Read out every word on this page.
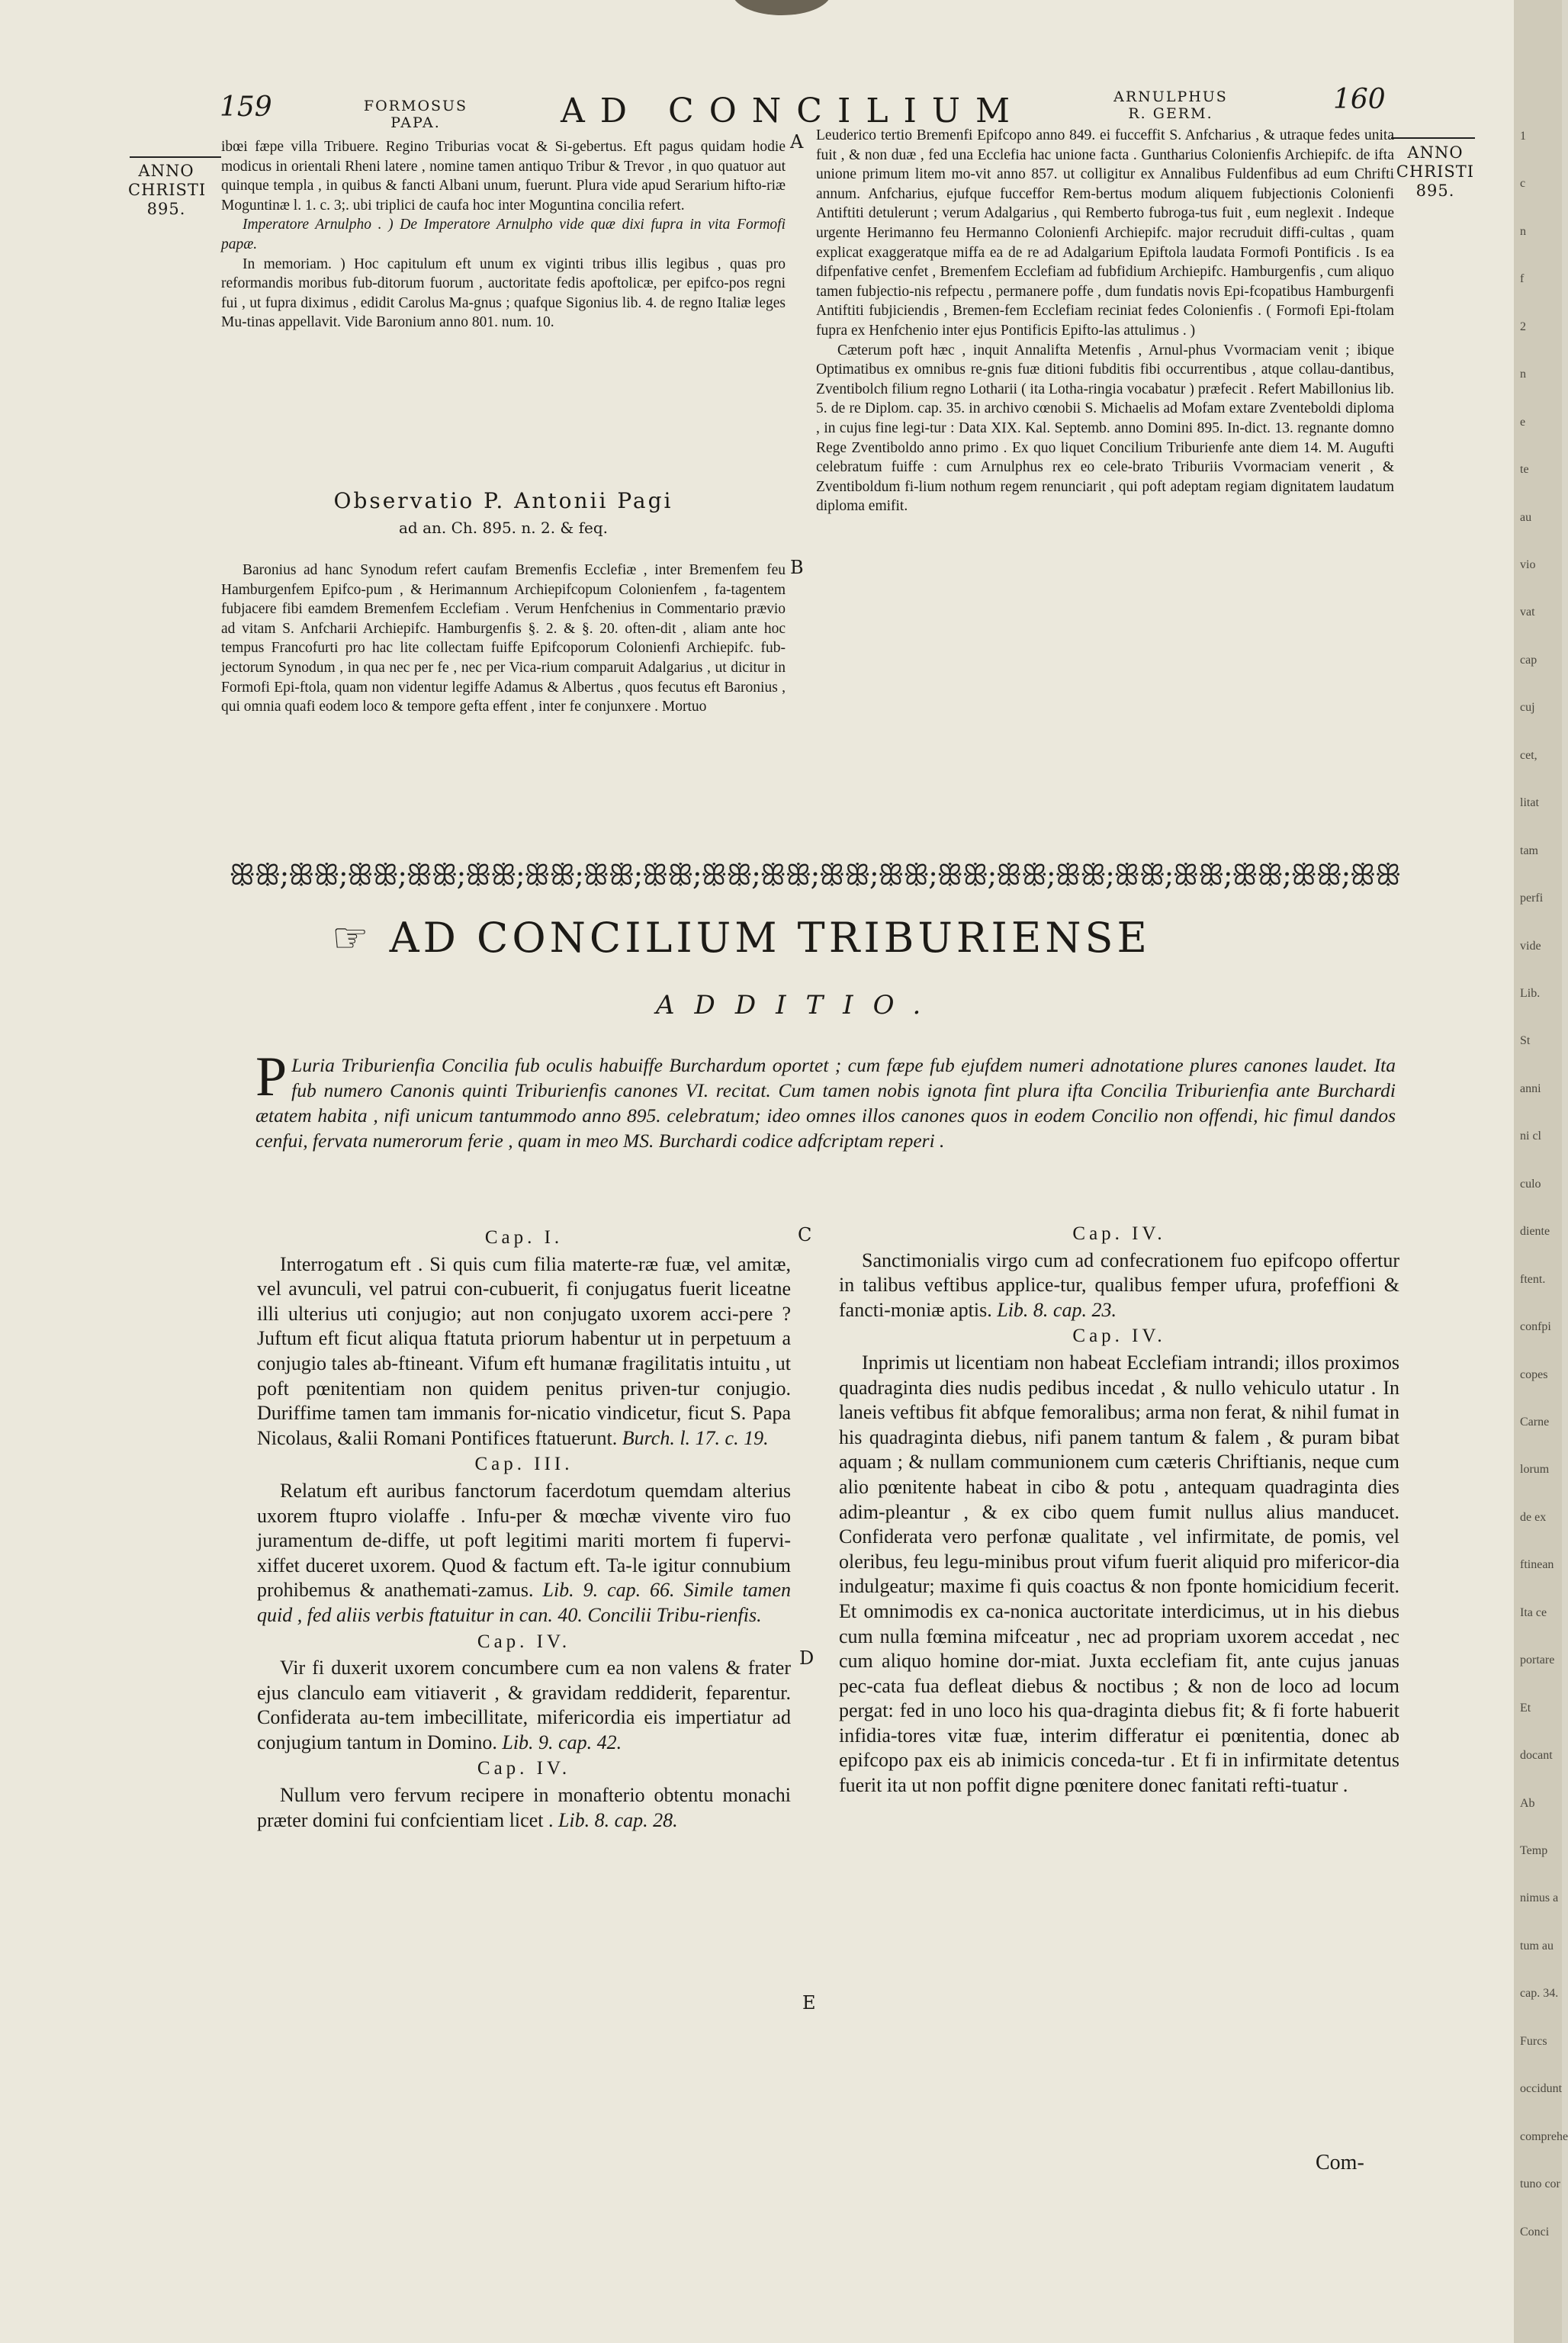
159	FORMOSUS
PAPA.	AD CONCILIUM	ARNULPHUS
R. GERM.	160
ANNO
CHRISTI
895.
ANNO
CHRISTI
895.
A
B
C
D
E

ibœi fæpe villa Tribuere. Regino Triburias vocat & Si-gebertus. Eft pagus quidam hodie modicus in orientali Rheni latere , nomine tamen antiquo Tribur & Trevor , in quo quatuor aut quinque templa , in quibus & fancti Albani unum, fuerunt. Plura vide apud Serarium hifto-riæ Moguntinæ l. 1. c. 3;. ubi triplici de caufa hoc inter Moguntina concilia refert.

Imperatore Arnulpho . ) De Imperatore Arnulpho vide quæ dixi fupra in vita Formofi papæ.

In memoriam. ) Hoc capitulum eft unum ex viginti tribus illis legibus , quas pro reformandis moribus fub-ditorum fuorum , auctoritate fedis apoftolicæ, per epifco-pos regni fui , ut fupra diximus , edidit Carolus Ma-gnus ; quafque Sigonius lib. 4. de regno Italiæ leges Mu-tinas appellavit. Vide Baronium anno 801. num. 10.

Observatio P. Antonii Pagi
ad an. Ch. 895. n. 2. & feq.

Baronius ad hanc Synodum refert caufam Bremenfis Ecclefiæ , inter Bremenfem feu Hamburgenfem Epifco-pum , & Herimannum Archiepifcopum Colonienfem , fa-tagentem fubjacere fibi eamdem Bremenfem Ecclefiam . Verum Henfchenius in Commentario prævio ad vitam S. Anfcharii Archiepifc. Hamburgenfis §. 2. & §. 20. often-dit , aliam ante hoc tempus Francofurti pro hac lite collectam fuiffe Epifcoporum Colonienfi Archiepifc. fub-jectorum Synodum , in qua nec per fe , nec per Vica-rium comparuit Adalgarius , ut dicitur in Formofi Epi-ftola, quam non videntur legiffe Adamus & Albertus , quos fecutus eft Baronius , qui omnia quafi eodem loco & tempore gefta effent , inter fe conjunxere . Mortuo

Leuderico tertio Bremenfi Epifcopo anno 849. ei fucceffit S. Anfcharius , & utraque fedes unita fuit , & non duæ , fed una Ecclefia hac unione facta . Guntharius Colonienfis Archiepifc. de ifta unione primum litem mo-vit anno 857. ut colligitur ex Annalibus Fuldenfibus ad eum Chrifti annum. Anfcharius, ejufque fucceffor Rem-bertus modum aliquem fubjectionis Colonienfi Antiftiti detulerunt ; verum Adalgarius , qui Remberto fubroga-tus fuit , eum neglexit . Indeque urgente Herimanno feu Hermanno Colonienfi Archiepifc. major recruduit diffi-cultas , quam explicat exaggeratque miffa ea de re ad Adalgarium Epiftola laudata Formofi Pontificis . Is ea difpenfative cenfet , Bremenfem Ecclefiam ad fubfidium Archiepifc. Hamburgenfis , cum aliquo tamen fubjectio-nis refpectu , permanere poffe , dum fundatis novis Epi-fcopatibus Hamburgenfi Antiftiti fubjiciendis , Bremen-fem Ecclefiam reciniat fedes Colonienfis . ( Formofi Epi-ftolam fupra ex Henfchenio inter ejus Pontificis Epifto-las attulimus . )

Cæterum poft hæc , inquit Annalifta Metenfis , Arnul-phus Vvormaciam venit ; ibique Optimatibus ex omnibus re-gnis fuæ ditioni fubditis fibi occurrentibus , atque collau-dantibus, Zventibolch filium regno Lotharii ( ita Lotha-ringia vocabatur ) præfecit . Refert Mabillonius lib. 5. de re Diplom. cap. 35. in archivo cœnobii S. Michaelis ad Mofam extare Zventeboldi diploma , in cujus fine legi-tur : Data XIX. Kal. Septemb. anno Domini 895. In-dict. 13. regnante domno Rege Zventiboldo anno primo . Ex quo liquet Concilium Triburienfe ante diem 14. M. Augufti celebratum fuiffe : cum Arnulphus rex eo cele-brato Triburiis Vvormaciam venerit , & Zventiboldum fi-lium nothum regem renunciarit , qui poft adeptam regiam dignitatem laudatum diploma emifit.

ꕥꕥ;ꕥꕥ;ꕥꕥ;ꕥꕥ;ꕥꕥ;ꕥꕥ;ꕥꕥ;ꕥꕥ;ꕥꕥ;ꕥꕥ;ꕥꕥ;ꕥꕥ;ꕥꕥ;ꕥꕥ;ꕥꕥ;ꕥꕥ;ꕥꕥ;ꕥꕥ;ꕥꕥ;ꕥꕥ
☞ AD CONCILIUM TRIBURIENSE
ADDITIO.
P Luria Triburienfia Concilia fub oculis habuiffe Burchardum oportet ; cum fæpe fub ejufdem numeri adnotatione plures canones laudet. Ita fub numero Canonis quinti Triburienfis canones VI. recitat. Cum tamen nobis ignota fint plura ifta Concilia Triburienfia ante Burchardi ætatem habita , nifi unicum tantummodo anno 895. celebratum; ideo omnes illos canones quos in eodem Concilio non offendi, hic fimul dandos cenfui, fervata numerorum ferie , quam in meo MS. Burchardi codice adfcriptam reperi .
Cap. I.

Interrogatum eft . Si quis cum filia materte-ræ fuæ, vel amitæ, vel avunculi, vel patrui con-cubuerit, fi conjugatus fuerit liceatne illi ulterius uti conjugio; aut non conjugato uxorem acci-pere ? Juftum eft ficut aliqua ftatuta priorum habentur ut in perpetuum a conjugio tales ab-ftineant. Vifum eft humanæ fragilitatis intuitu , ut poft pœnitentiam non quidem penitus priven-tur conjugio. Duriffime tamen tam immanis for-nicatio vindicetur, ficut S. Papa Nicolaus, &alii Romani Pontifices ftatuerunt. Burch. l. 17. c. 19.

Cap. III.

Relatum eft auribus fanctorum facerdotum quemdam alterius uxorem ftupro violaffe . Infu-per & mœchæ vivente viro fuo juramentum de-diffe, ut poft legitimi mariti mortem fi fupervi-xiffet duceret uxorem. Quod & factum eft. Ta-le igitur connubium prohibemus & anathemati-zamus. Lib. 9. cap. 66. Simile tamen quid , fed aliis verbis ftatuitur in can. 40. Concilii Tribu-rienfis.

Cap. IV.

Vir fi duxerit uxorem concumbere cum ea non valens & frater ejus clanculo eam vitiaverit , & gravidam reddiderit, feparentur. Confiderata au-tem imbecillitate, mifericordia eis impertiatur ad conjugium tantum in Domino. Lib. 9. cap. 42.

Cap. IV.

Nullum vero fervum recipere in monafterio obtentu monachi præter domini fui confcientiam licet . Lib. 8. cap. 28.

Cap. IV.

Sanctimonialis virgo cum ad confecrationem fuo epifcopo offertur in talibus veftibus applice-tur, qualibus femper ufura, profeffioni & fancti-moniæ aptis. Lib. 8. cap. 23.

Cap. IV.

Inprimis ut licentiam non habeat Ecclefiam intrandi; illos proximos quadraginta dies nudis pedibus incedat , & nullo vehiculo utatur . In laneis veftibus fit abfque femoralibus; arma non ferat, & nihil fumat in his quadraginta diebus, nifi panem tantum & falem , & puram bibat aquam ; & nullam communionem cum cæteris Chriftianis, neque cum alio pœnitente habeat in cibo & potu , antequam quadraginta dies adim-pleantur , & ex cibo quem fumit nullus alius manducet. Confiderata vero perfonæ qualitate , vel infirmitate, de pomis, vel oleribus, feu legu-minibus prout vifum fuerit aliquid pro mifericor-dia indulgeatur; maxime fi quis coactus & non fponte homicidium fecerit. Et omnimodis ex ca-nonica auctoritate interdicimus, ut in his diebus cum nulla fœmina mifceatur , nec ad propriam uxorem accedat , nec cum aliquo homine dor-miat. Juxta ecclefiam fit, ante cujus januas pec-cata fua defleat diebus & noctibus ; & non de loco ad locum pergat: fed in uno loco his qua-draginta diebus fit; & fi forte habuerit infidia-tores vitæ fuæ, interim differatur ei pœnitentia, donec ab epifcopo pax eis ab inimicis conceda-tur . Et fi in infirmitate detentus fuerit ita ut non poffit digne pœnitere donec fanitati refti-tuatur .

Com-
1
c
n
f
2
n
e
te
au
vio
vat
cap
cuj
cet,
litat
tam
perfi
vide
Lib.
St
anni
ni cl
culo
diente
ftent.
confpi
copes
Carne
lorum
de ex
ftinean
Ita ce
portare
Et
docant
Ab
Temp
nimus a
tum au
cap. 34.
Furcs
occidunt
comprehe
tuno cor
Conci
